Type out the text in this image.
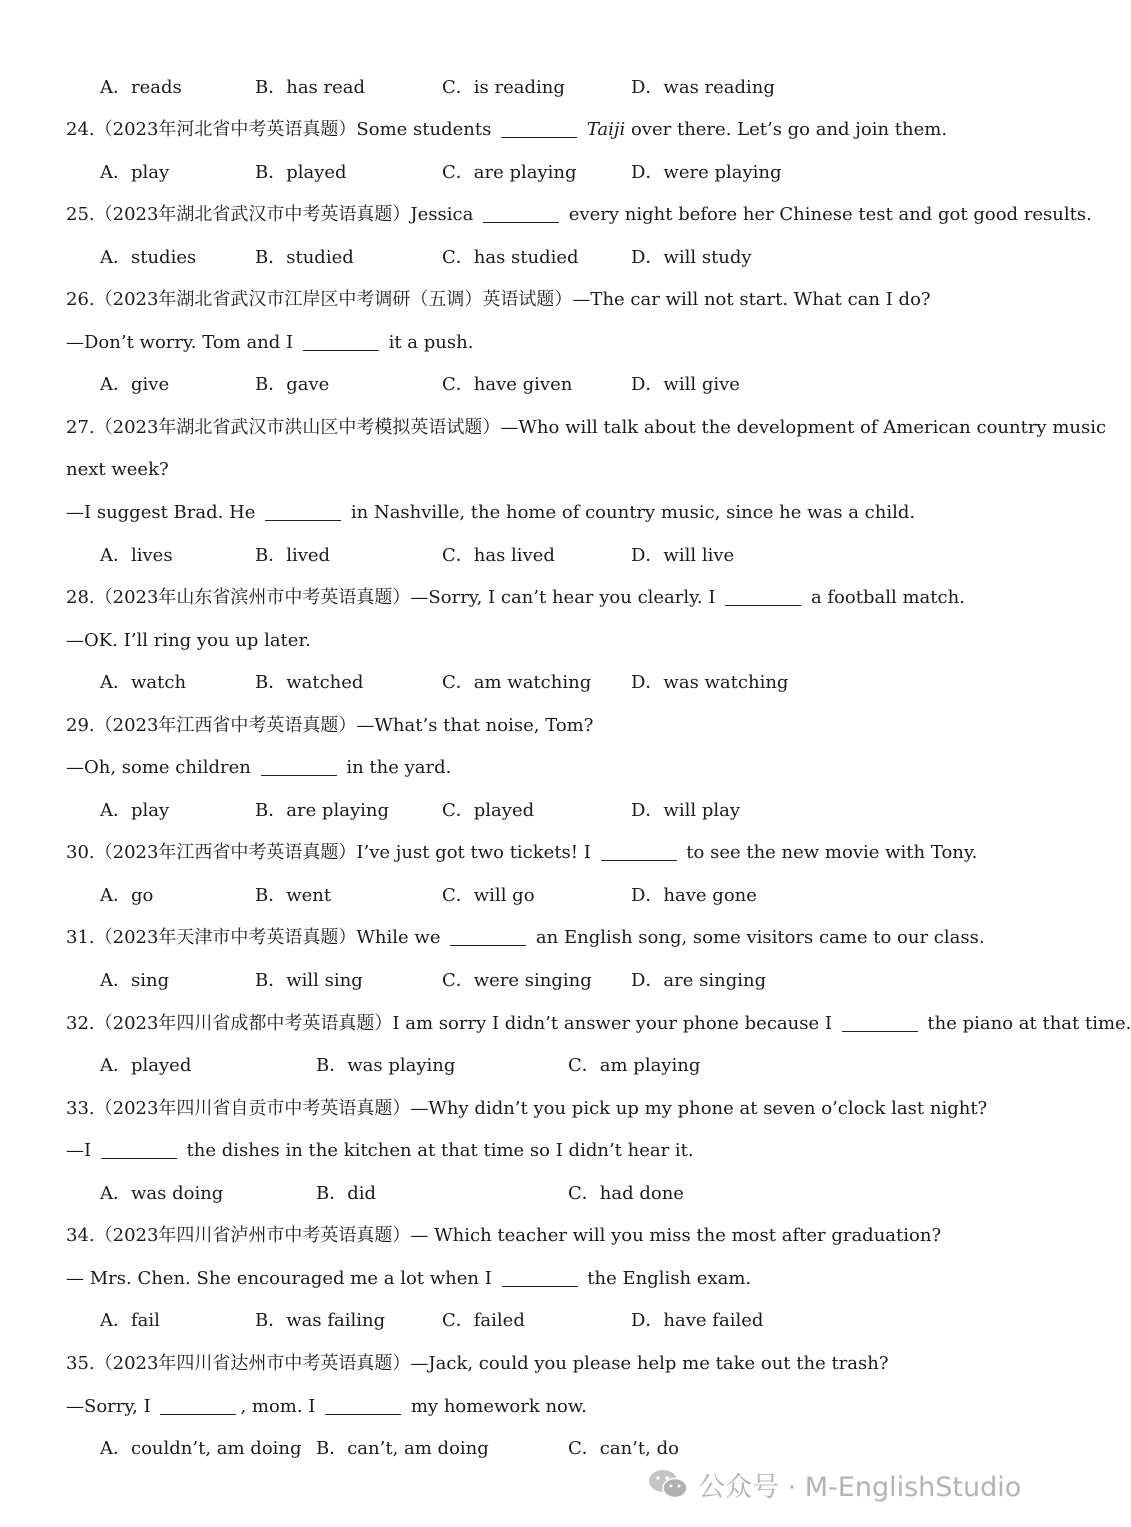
A．reads	B．has read	C．is reading	D．was reading
24.（2023年河北省中考英语真题）Some students	Taiji over there. Let’s go and join them.
A．play	B．played	C．are playing	D．were playing
25.（2023年湖北省武汉市中考英语真题）Jessica	every night before her Chinese test and got good results.
A．studies	B．studied	C．has studied	D．will study
26.（2023年湖北省武汉市江岸区中考调研（五调）英语试题）—The car will not start. What can I do?
—Don’t worry. Tom and I	it a push.
A．give	B．gave	C．have given	D．will give
27.（2023年湖北省武汉市洪山区中考模拟英语试题）—Who will talk about the development of American country music
next week?
—I suggest Brad. He	in Nashville, the home of country music, since he was a child.
A．lives	B．lived	C．has lived	D．will live
28.（2023年山东省滨州市中考英语真题）—Sorry, I can’t hear you clearly. I	a football match.
—OK. I’ll ring you up later.
A．watch	B．watched	C．am watching D．was watching
29.（2023年江西省中考英语真题）—What’s that noise, Tom?
—Oh, some children	in the yard.
A．play	B．are playing	C．played	D．will play
30.（2023年江西省中考英语真题）I’ve just got two tickets! I	to see the new movie with Tony.
A．go	B．went	C．will go	D．have gone
31.（2023年天津市中考英语真题）While we	an English song, some visitors came to our class.
A．sing	B．will sing	C．were singing D．are singing
32.（2023年四川省成都中考英语真题）I am sorry I didn’t answer your phone because I	the piano at that time.
A．played	B．was playing	C．am playing
33.（2023年四川省自贡市中考英语真题）—Why didn’t you pick up my phone at seven o’clock last night?
—I	the dishes in the kitchen at that time so I didn’t hear it.
A．was doing	B．did	C．had done
34.（2023年四川省泸州市中考英语真题）— Which teacher will you miss the most after graduation?
— Mrs. Chen. She encouraged me a lot when I	the English exam.
A．fail	B．was failing	C．failed	D．have failed
35.（2023年四川省达州市中考英语真题）—Jack, could you please help me take out the trash?
—Sorry, I	, mom. I	my homework now.
A．couldn’t, am doing B．can’t, am doing	C．can’t, do
公众号 · M-EnglishStudio
